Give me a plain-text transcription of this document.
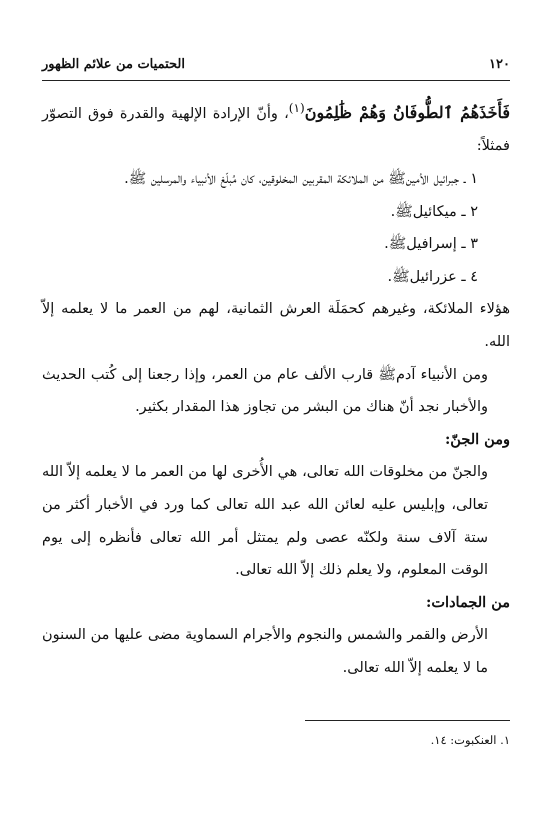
١٢٠
الحتميات من علائم الظهور

فَأَخَذَهُمُ ٱلطُّوفَانُ وَهُمْ ظَٰلِمُونَ$^{(١)}$، وأنّ الإرادة الإلهية والقدرة فوق التصوّر فمثلاً:

١ ـ جبرائيل الأمينﷺ من الملائكة المقربين المخلوقين، كان مُبلّغ الأنبياء والمرسلين ﷺ.

٢ ـ ميكائيلﷺ.

٣ ـ إسرافيلﷺ.

٤ ـ عزرائيلﷺ.

هؤلاء الملائكة، وغيرهم كحمَلَة العرش الثمانية، لهم من العمر ما لا يعلمه إلاّ الله.

ومن الأنبياء آدمﷺ قارب الألف عام من العمر، وإذا رجعنا إلى كُتب الحديث والأخبار نجد أنّ هناك من البشر من تجاوز هذا المقدار بكثير.

ومن الجنّ:

والجنّ من مخلوقات الله تعالى، هي الأُخرى لها من العمر ما لا يعلمه إلاّ الله تعالى، وإبليس عليه لعائن الله عبد الله تعالى كما ورد في الأخبار أكثر من ستة آلاف سنة ولكنّه عصى ولم يمتثل أمر الله تعالى فأنظره إلى يوم الوقت المعلوم، ولا يعلم ذلك إلاّ الله تعالى.

من الجمادات:

الأرض والقمر والشمس والنجوم والأجرام السماوية مضى عليها من السنون ما لا يعلمه إلاّ الله تعالى.

١. العنكبوت: ١٤.
